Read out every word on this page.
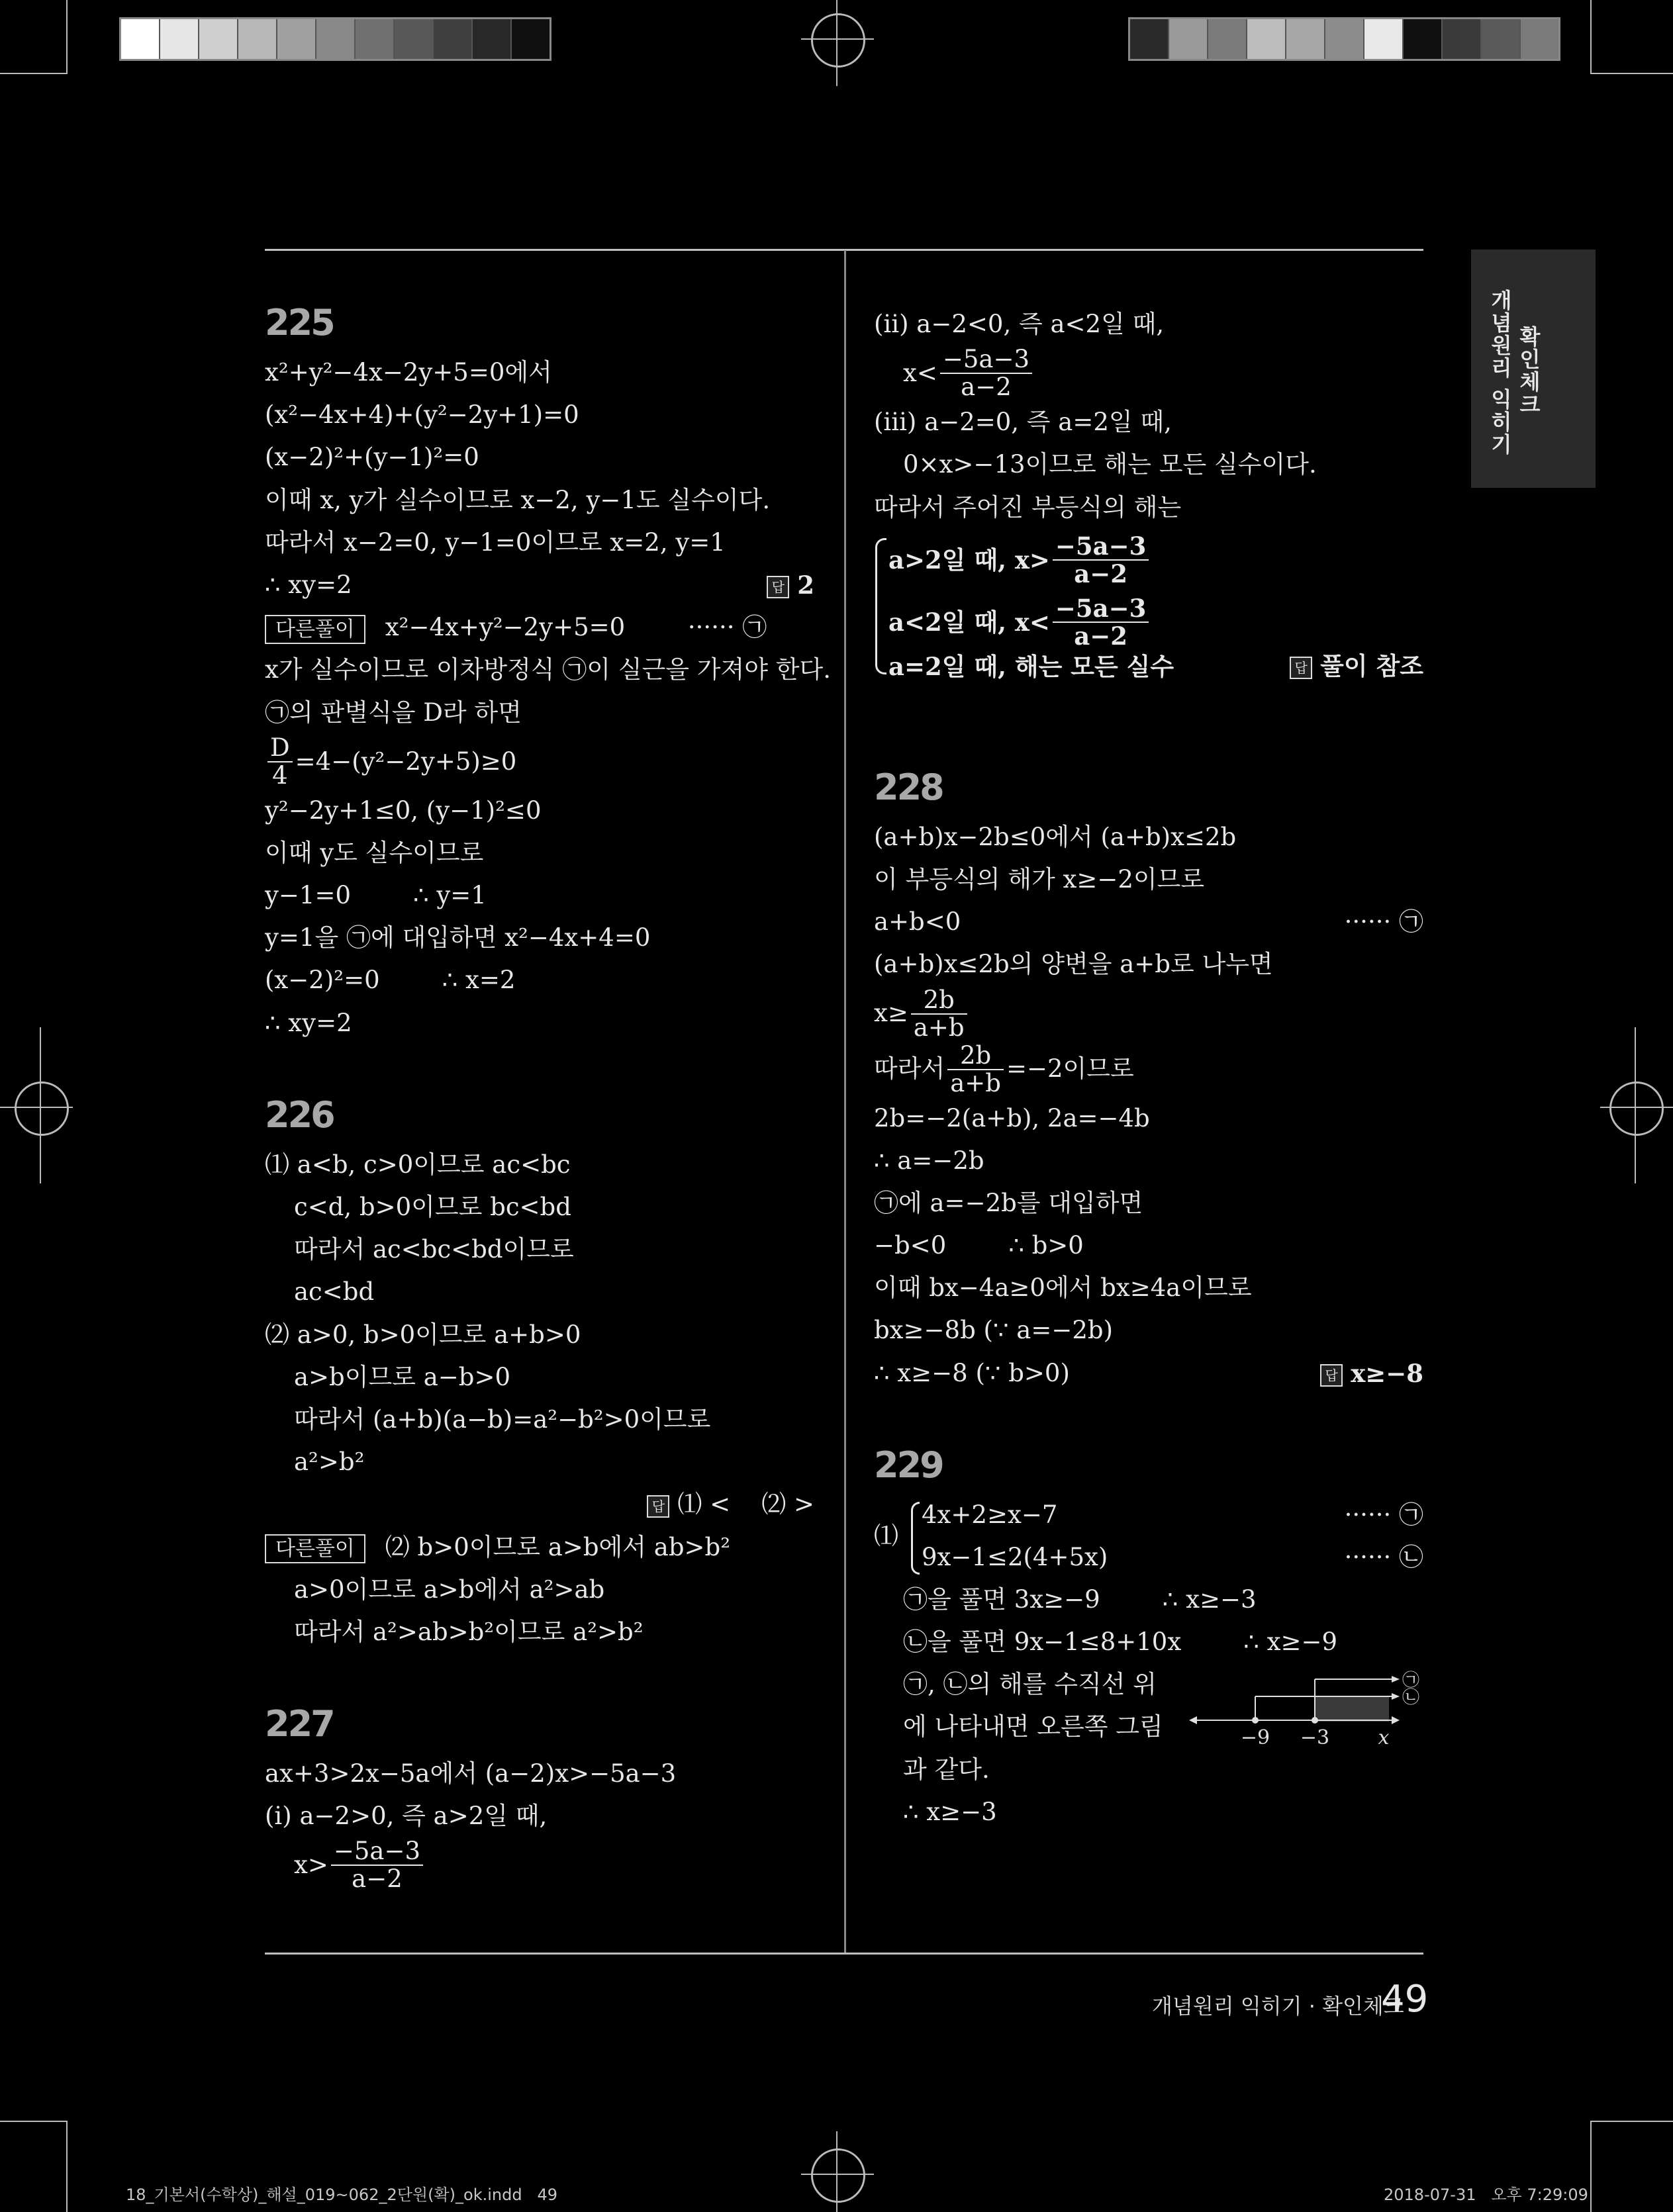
확인체크
개념원리 익히기
225
x²+y²−4x−2y+5=0에서
(x²−4x+4)+(y²−2y+1)=0
(x−2)²+(y−1)²=0
이때 x, y가 실수이므로 x−2, y−1도 실수이다.
따라서 x−2=0, y−1=0이므로 x=2, y=1
∴ xy=2	답 2
다른풀이 x²−4x+y²−2y+5=0	······ ㉠
x가 실수이므로 이차방정식 ㉠이 실근을 가져야 한다.
㉠의 판별식을 D라 하면
$\frac{D}{4} =4-(y^2-2y+5)\ge 0$
y²−2y+1≤0, (y−1)²≤0
이때 y도 실수이므로
y−1=0        ∴ y=1
y=1을 ㉠에 대입하면 x²−4x+4=0
(x−2)²=0        ∴ x=2
∴ xy=2
226
⑴ a<b, c>0이므로 ac<bc
c<d, b>0이므로 bc<bd
따라서 ac<bc<bd이므로
ac<bd
⑵ a>0, b>0이므로 a+b>0
a>b이므로 a−b>0
따라서 (a+b)(a−b)=a²−b²>0이므로
a²>b²
답 ⑴ <    ⑵ >
다른풀이 ⑵ b>0이므로 a>b에서 ab>b²
a>0이므로 a>b에서 a²>ab
따라서 a²>ab>b²이므로 a²>b²
227
ax+3>2x−5a에서 (a−2)x>−5a−3
(i) a−2>0, 즉 a>2일 때,
$x> \frac{-5a-3}{a-2}$
(ii) a−2<0, 즉 a<2일 때,
$x< \frac{-5a-3}{a-2}$
(iii) a−2=0, 즉 a=2일 때,
0×x>−13이므로 해는 모든 실수이다.
따라서 주어진 부등식의 해는
a>2일 때, $x> \frac{-5a-3}{a-2}$
a<2일 때, $x< \frac{-5a-3}{a-2}$
a=2일 때, 해는 모든 실수	답 풀이 참조
228
(a+b)x−2b≤0에서 (a+b)x≤2b
이 부등식의 해가 x≥−2이므로
a+b<0	······ ㉠
(a+b)x≤2b의 양변을 a+b로 나누면
$x\ge \frac{2b}{a+b}$
따라서 $\frac{2b}{a+b} =-2$이므로
2b=−2(a+b), 2a=−4b
∴ a=−2b
㉠에 a=−2b를 대입하면
−b<0        ∴ b>0
이때 bx−4a≥0에서 bx≥4a이므로
bx≥−8b (∵ a=−2b)
∴ x≥−8 (∵ b>0)	답 x≥−8
229
⑴
4x+2≥x−7	······ ㉠
9x−1≤2(4+5x)	······ ㉡
㉠을 풀면 3x≥−9        ∴ x≥−3
㉡을 풀면 9x−1≤8+10x        ∴ x≥−9
㉠, ㉡의 해를 수직선 위
에 나타내면 오른쪽 그림
과 같다.
−9 −3 x
㉠
㉡
∴ x≥−3
개념원리 익히기 · 확인체크
49
18_기본서(수학상)_해설_019~062_2단원(확)_ok.indd   49	2018-07-31   오후 7:29:09
